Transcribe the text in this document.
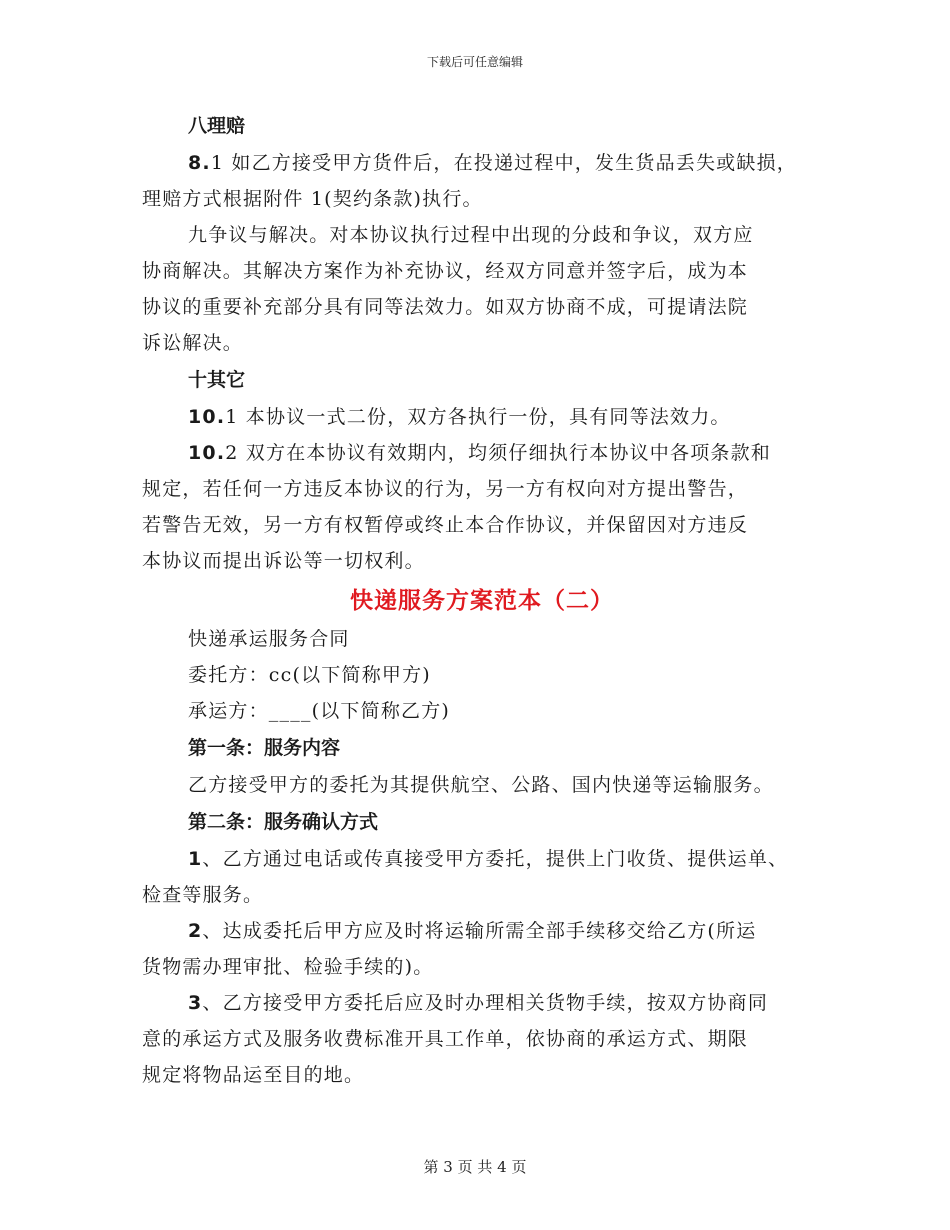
下载后可任意编辑

八理赔

8.1 如乙方接受甲方货件后，在投递过程中，发生货品丢失或缺损，
理赔方式根据附件 1(契约条款)执行。

九争议与解决。对本协议执行过程中出现的分歧和争议，双方应
协商解决。其解决方案作为补充协议，经双方同意并签字后，成为本
协议的重要补充部分具有同等法效力。如双方协商不成，可提请法院
诉讼解决。

十其它

10.1 本协议一式二份，双方各执行一份，具有同等法效力。

10.2 双方在本协议有效期内，均须仔细执行本协议中各项条款和
规定，若任何一方违反本协议的行为，另一方有权向对方提出警告，
若警告无效，另一方有权暂停或终止本合作协议，并保留因对方违反
本协议而提出诉讼等一切权利。

快递服务方案范本（二）

快递承运服务合同

委托方：cc(以下简称甲方)

承运方：____(以下简称乙方)

第一条：服务内容

乙方接受甲方的委托为其提供航空、公路、国内快递等运输服务。

第二条：服务确认方式

1、乙方通过电话或传真接受甲方委托，提供上门收货、提供运单、
检查等服务。

2、达成委托后甲方应及时将运输所需全部手续移交给乙方(所运
货物需办理审批、检验手续的)。

3、乙方接受甲方委托后应及时办理相关货物手续，按双方协商同
意的承运方式及服务收费标准开具工作单，依协商的承运方式、期限
规定将物品运至目的地。

第 3 页 共 4 页
